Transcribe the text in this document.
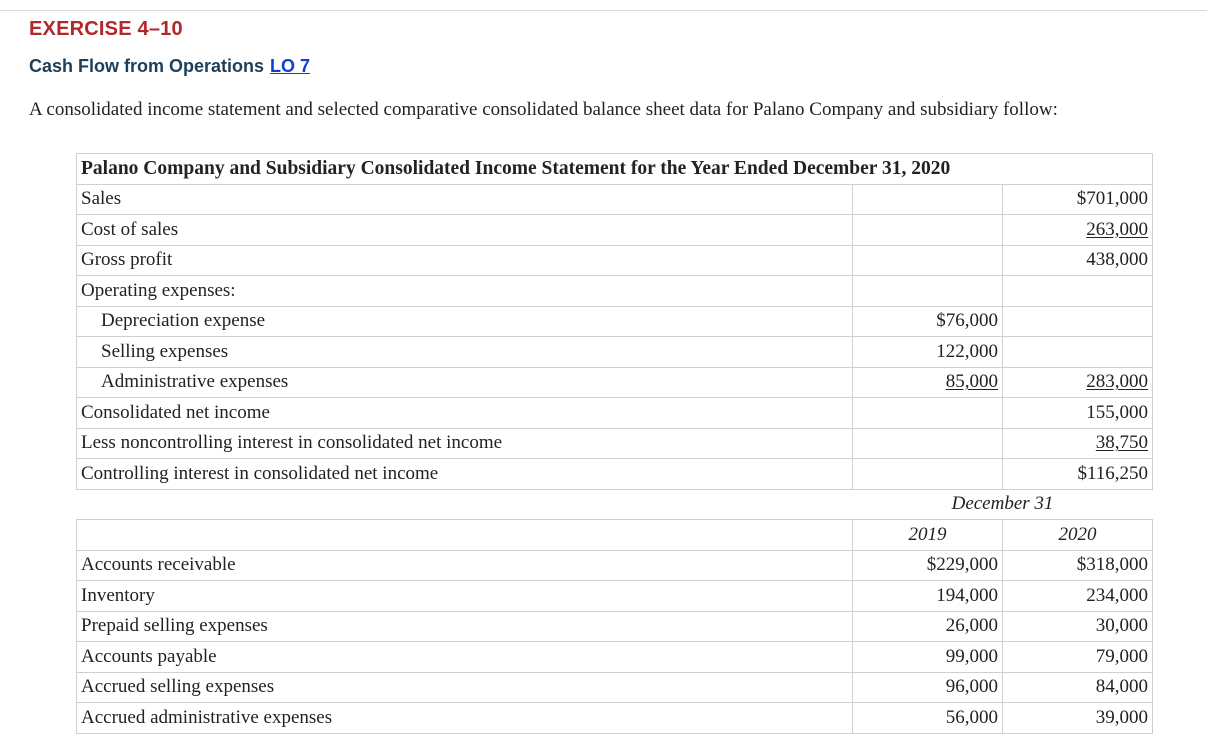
EXERCISE 4–10
Cash Flow from Operations LO 7
A consolidated income statement and selected comparative consolidated balance sheet data for Palano Company and subsidiary follow:
Palano Company and Subsidiary Consolidated Income Statement for the Year Ended December 31, 2020		
Sales		$701,000
Cost of sales		263,000
Gross profit		438,000
Operating expenses:		
Depreciation expense	$76,000	
Selling expenses	122,000	
Administrative expenses	85,000	283,000
Consolidated net income		155,000
Less noncontrolling interest in consolidated net income		38,750
Controlling interest in consolidated net income		$116,250
	December 31	
	2019	2020
Accounts receivable	$229,000	$318,000
Inventory	194,000	234,000
Prepaid selling expenses	26,000	30,000
Accounts payable	99,000	79,000
Accrued selling expenses	96,000	84,000
Accrued administrative expenses	56,000	39,000
